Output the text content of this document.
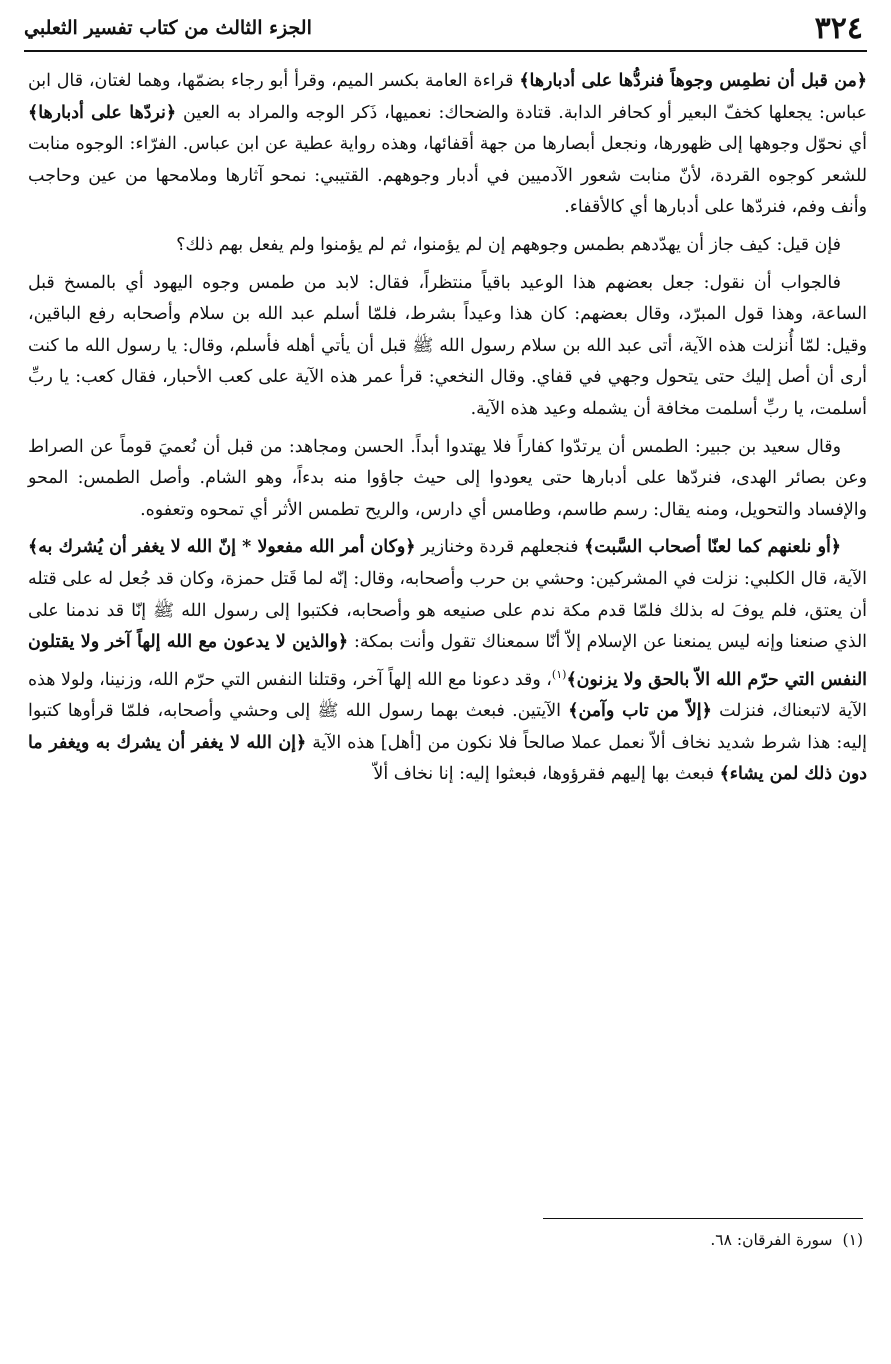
٣٢٤
الجزء الثالث من كتاب تفسير الثعلبي

﴿من قبل أن نطمِس وجوهاً فنردُّها على أدبارها﴾ قراءة العامة بكسر الميم، وقرأ أبو رجاء بضمّها، وهما لغتان، قال ابن عباس: يجعلها كخفّ البعير أو كحافر الدابة. قتادة والضحاك: نعميها، ذَكر الوجه والمراد به العين ﴿نردّها على أدبارها﴾ أي نحوّل وجوهها إلى ظهورها، ونجعل أبصارها من جهة أقفائها، وهذه رواية عطية عن ابن عباس. الفرّاء: الوجوه منابت للشعر كوجوه القردة، لأنّ منابت شعور الآدميين في أدبار وجوههم. القتيبي: نمحو آثارها وملامحها من عين وحاجب وأنف وفم، فنردّها على أدبارها أي كالأقفاء.

فإن قيل: كيف جاز أن يهدّدهم بطمس وجوههم إن لم يؤمنوا، ثم لم يؤمنوا ولم يفعل بهم ذلك؟

فالجواب أن نقول: جعل بعضهم هذا الوعيد باقياً منتظراً، فقال: لابد من طمس وجوه اليهود أي بالمسخ قبل الساعة، وهذا قول المبرّد، وقال بعضهم: كان هذا وعيداً بشرط، فلمّا أسلم عبد الله بن سلام وأصحابه رفع الباقين، وقيل: لمّا أُنزلت هذه الآية، أتى عبد الله بن سلام رسول الله ﷺ قبل أن يأتي أهله فأسلم، وقال: يا رسول الله ما كنت أرى أن أصل إليك حتى يتحول وجهي في قفاي. وقال النخعي: قرأ عمر هذه الآية على كعب الأحبار، فقال كعب: يا ربِّ أسلمت، يا ربِّ أسلمت مخافة أن يشمله وعيد هذه الآية.

وقال سعيد بن جبير: الطمس أن يرتدّوا كفاراً فلا يهتدوا أبداً. الحسن ومجاهد: من قبل أن نُعميَ قوماً عن الصراط وعن بصائر الهدى، فنردّها على أدبارها حتى يعودوا إلى حيث جاؤوا منه بدءاً، وهو الشام. وأصل الطمس: المحو والإفساد والتحويل، ومنه يقال: رسم طاسم، وطامس أي دارس، والريح تطمس الأثر أي تمحوه وتعفوه.

﴿أو نلعنهم كما لعنّا أصحاب السَّبت﴾ فنجعلهم قردة وخنازير ﴿وكان أمر الله مفعولا * إنّ الله لا يغفر أن يُشرك به﴾ الآية، قال الكلبي: نزلت في المشركين: وحشي بن حرب وأصحابه، وقال: إنّه لما قَتل حمزة، وكان قد جُعل له على قتله أن يعتق، فلم يوفَ له بذلك فلمّا قدم مكة ندم على صنيعه هو وأصحابه، فكتبوا إلى رسول الله ﷺ إنّا قد ندمنا على الذي صنعنا وإنه ليس يمنعنا عن الإسلام إلاّ أنّا سمعناك تقول وأنت بمكة: ﴿والذين لا يدعون مع الله إلهاً آخر ولا يقتلون النفس التي حرّم الله الاّ بالحق ولا يزنون﴾$^{(١)}$، وقد دعونا مع الله إلهاً آخر، وقتلنا النفس التي حرّم الله، وزنينا، ولولا هذه الآية لاتبعناك، فنزلت ﴿إلاّ من تاب وآمن﴾ الآيتين. فبعث بهما رسول الله ﷺ إلى وحشي وأصحابه، فلمّا قرأوها كتبوا إليه: هذا شرط شديد نخاف ألاّ نعمل عملا صالحاً فلا نكون من [أهل] هذه الآية ﴿إن الله لا يغفر أن يشرك به ويغفر ما دون ذلك لمن يشاء﴾ فبعث بها إليهم فقرؤوها، فبعثوا إليه: إنا نخاف ألاّ

(١)
سورة الفرقان: ٦٨.
